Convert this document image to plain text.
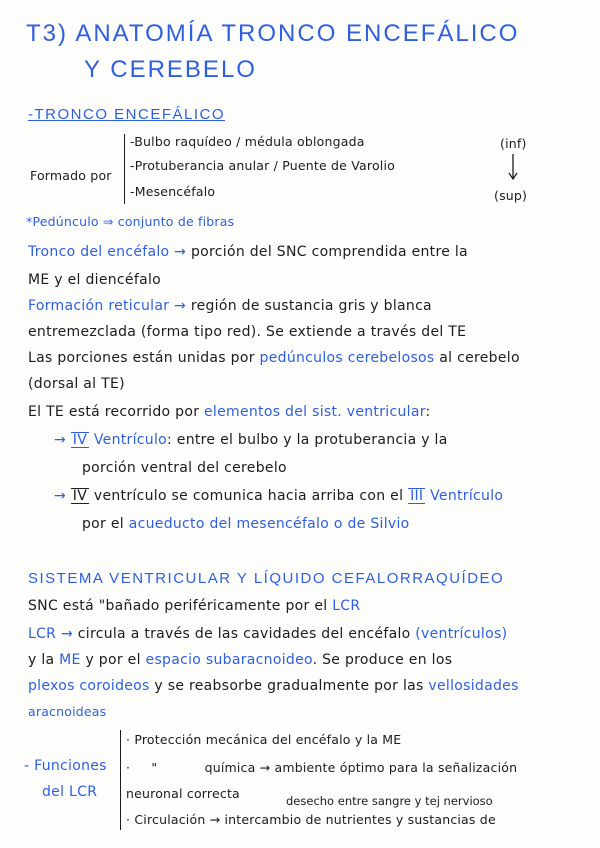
T3) ANATOMÍA TRONCO ENCEFÁLICO
Y CEREBELO
-TRONCO ENCEFÁLICO
Formado por
-Bulbo raquídeo / médula oblongada
-Protuberancia anular / Puente de Varolio
-Mesencéfalo
(inf)
(sup)
*Pedúnculo ⇒ conjunto de fibras
Tronco del encéfalo → porción del SNC comprendida entre la
ME y el diencéfalo
Formación reticular → región de sustancia gris y blanca
entremezclada (forma tipo red). Se extiende a través del TE
Las porciones están unidas por pedúnculos cerebelosos al cerebelo
(dorsal al TE)
El TE está recorrido por elementos del sist. ventricular:
→ IV Ventrículo: entre el bulbo y la protuberancia y la
porción ventral del cerebelo
→ IV ventrículo se comunica hacia arriba con el III Ventrículo
por el acueducto del mesencéfalo o de Silvio
SISTEMA VENTRICULAR Y LÍQUIDO CEFALORRAQUÍDEO
SNC está "bañado periféricamente por el LCR
LCR → circula a través de las cavidades del encéfalo (ventrículos)
y la ME y por el espacio subaracnoideo. Se produce en los
plexos coroideos y se reabsorbe gradualmente por las vellosidades
aracnoideas
- Funciones
del LCR
· Protección mecánica del encéfalo y la ME
· "	química → ambiente óptimo para la señalización
neuronal correcta	desecho entre sangre y tej nervioso
· Circulación → intercambio de nutrientes y sustancias de
